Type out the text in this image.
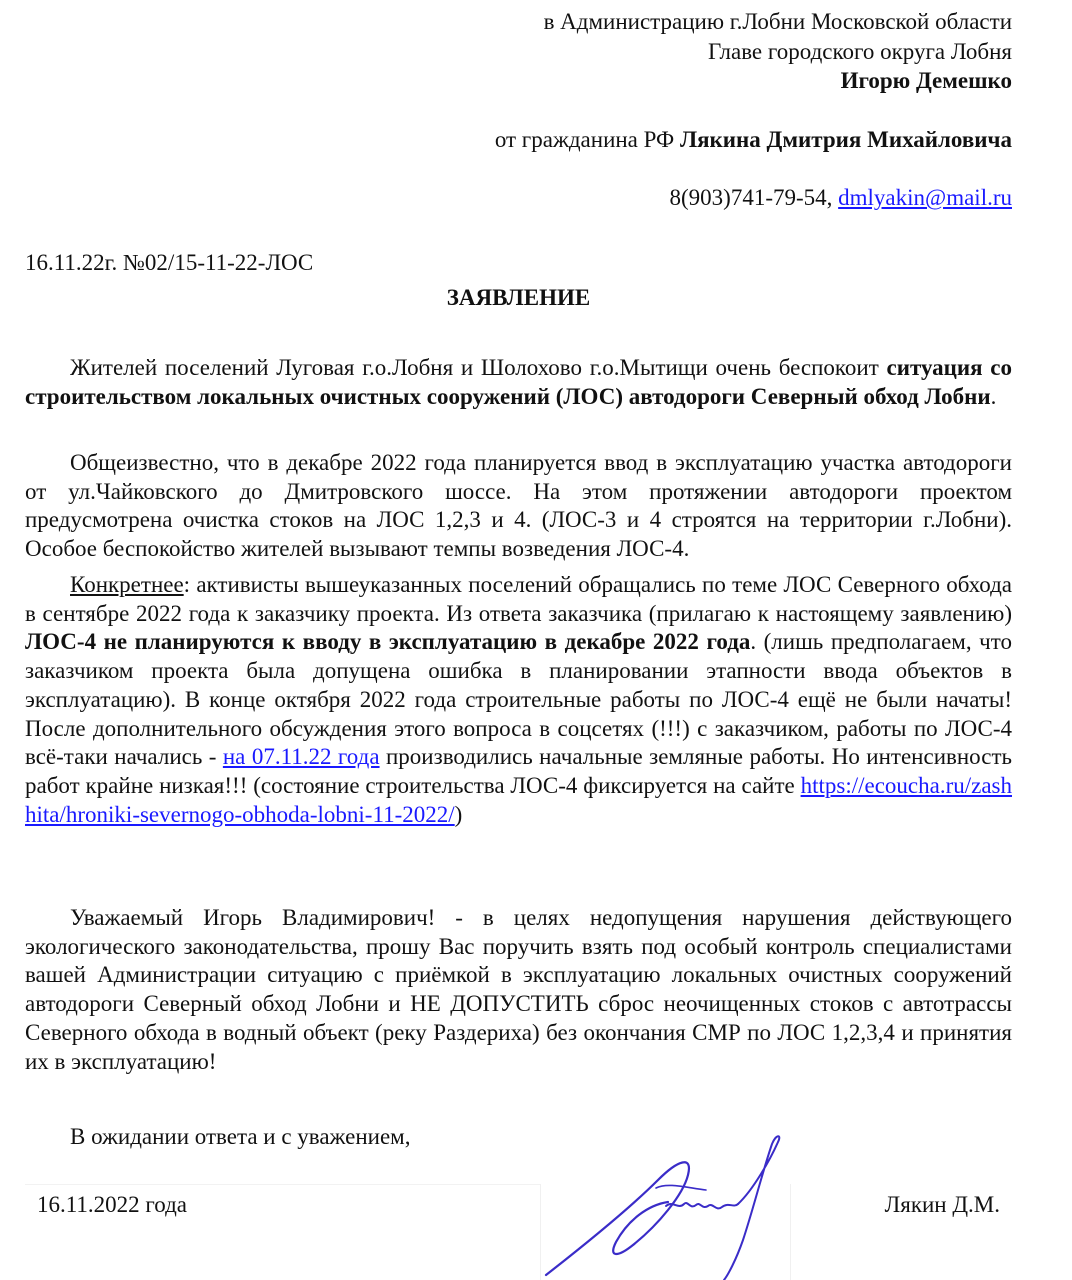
в Администрацию г.Лобни Московской области
Главе городского округа Лобня
Игорю Демешко
от гражданина РФ Лякина Дмитрия Михайловича
8(903)741-79-54, dmlyakin@mail.ru
16.11.22г. №02/15-11-22-ЛОС
ЗАЯВЛЕНИЕ
Жителей поселений Луговая г.о.Лобня и Шолохово г.о.Мытищи очень беспокоит ситуация со строительством локальных очистных сооружений (ЛОС) автодороги Северный обход Лобни.
Общеизвестно, что в декабре 2022 года планируется ввод в эксплуатацию участка автодороги от ул.Чайковского до Дмитровского шоссе. На этом протяжении автодороги проектом предусмотрена очистка стоков на ЛОС 1,2,3 и 4. (ЛОС-3 и 4 строятся на территории г.Лобни). Особое беспокойство жителей вызывают темпы возведения ЛОС-4.
Конкретнее: активисты вышеуказанных поселений обращались по теме ЛОС Северного обхода в сентябре 2022 года к заказчику проекта. Из ответа заказчика (прилагаю к настоящему заявлению) ЛОС-4 не планируются к вводу в эксплуатацию в декабре 2022 года. (лишь предполагаем, что заказчиком проекта была допущена ошибка в планировании этапности ввода объектов в эксплуатацию). В конце октября 2022 года строительные работы по ЛОС-4 ещё не были начаты! После дополнительного обсуждения этого вопроса в соцсетях (!!!) с заказчиком, работы по ЛОС-4 всё-таки начались - на 07.11.22 года производились начальные земляные работы. Но интенсивность работ крайне низкая!!! (состояние строительства ЛОС-4 фиксируется на сайте https://ecoucha.ru/zashhita/hroniki-severnogo-obhoda-lobni-11-2022/)
Уважаемый Игорь Владимирович! - в целях недопущения нарушения действующего экологического законодательства, прошу Вас поручить взять под особый контроль специалистами вашей Администрации ситуацию с приёмкой в эксплуатацию локальных очистных сооружений автодороги Северный обход Лобни и НЕ ДОПУСТИТЬ сброс неочищенных стоков с автотрассы Северного обхода в водный объект (реку Раздериха) без окончания СМР по ЛОС 1,2,3,4 и принятия их в эксплуатацию!
В ожидании ответа и с уважением,
16.11.2022 года	Лякин Д.М.
